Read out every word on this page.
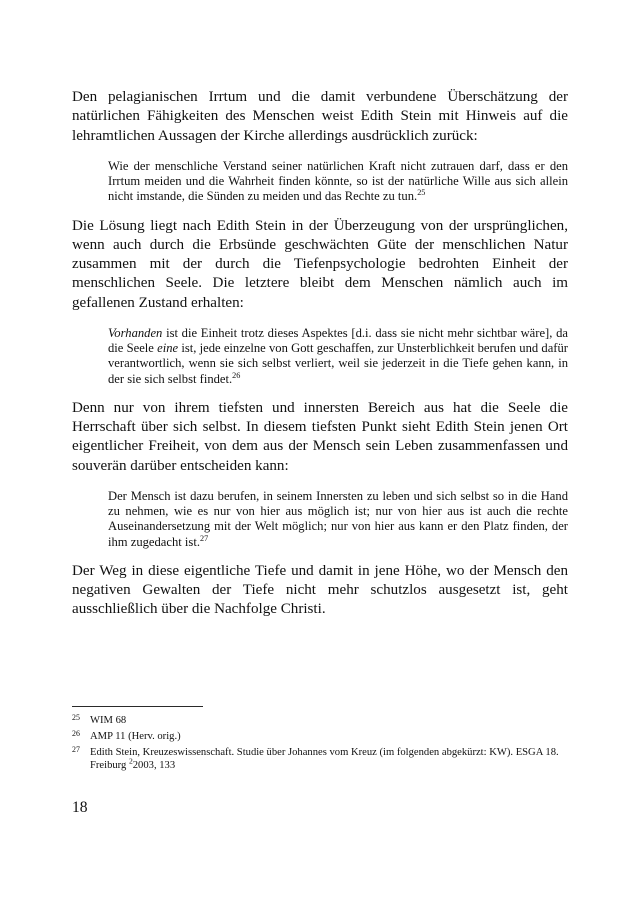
Den pelagianischen Irrtum und die damit verbundene Überschätzung der natürlichen Fähigkeiten des Menschen weist Edith Stein mit Hinweis auf die lehramtlichen Aussagen der Kirche allerdings ausdrücklich zurück:

Wie der menschliche Verstand seiner natürlichen Kraft nicht zutrauen darf, dass er den Irrtum meiden und die Wahrheit finden könnte, so ist der natürliche Wille aus sich allein nicht imstande, die Sünden zu meiden und das Rechte zu tun.$^{25}$

Die Lösung liegt nach Edith Stein in der Überzeugung von der ursprünglichen, wenn auch durch die Erbsünde geschwächten Güte der menschlichen Natur zusammen mit der durch die Tiefenpsychologie bedrohten Einheit der menschlichen Seele. Die letztere bleibt dem Menschen nämlich auch im gefallenen Zustand erhalten:

Vorhanden ist die Einheit trotz dieses Aspektes [d.i. dass sie nicht mehr sichtbar wäre], da die Seele eine ist, jede einzelne von Gott geschaffen, zur Unsterblichkeit berufen und dafür verantwortlich, wenn sie sich selbst verliert, weil sie jederzeit in die Tiefe gehen kann, in der sie sich selbst findet.$^{26}$

Denn nur von ihrem tiefsten und innersten Bereich aus hat die Seele die Herrschaft über sich selbst. In diesem tiefsten Punkt sieht Edith Stein jenen Ort eigentlicher Freiheit, von dem aus der Mensch sein Leben zusammenfassen und souverän darüber entscheiden kann:

Der Mensch ist dazu berufen, in seinem Innersten zu leben und sich selbst so in die Hand zu nehmen, wie es nur von hier aus möglich ist; nur von hier aus ist auch die rechte Auseinandersetzung mit der Welt möglich; nur von hier aus kann er den Platz finden, der ihm zugedacht ist.$^{27}$

Der Weg in diese eigentliche Tiefe und damit in jene Höhe, wo der Mensch den negativen Gewalten der Tiefe nicht mehr schutzlos ausgesetzt ist, geht ausschließlich über die Nachfolge Christi.

25 WIM 68
26 AMP 11 (Herv. orig.)
27 Edith Stein, Kreuzeswissenschaft. Studie über Johannes vom Kreuz (im folgenden abgekürzt: KW). ESGA 18. Freiburg $^2$2003, 133
18
